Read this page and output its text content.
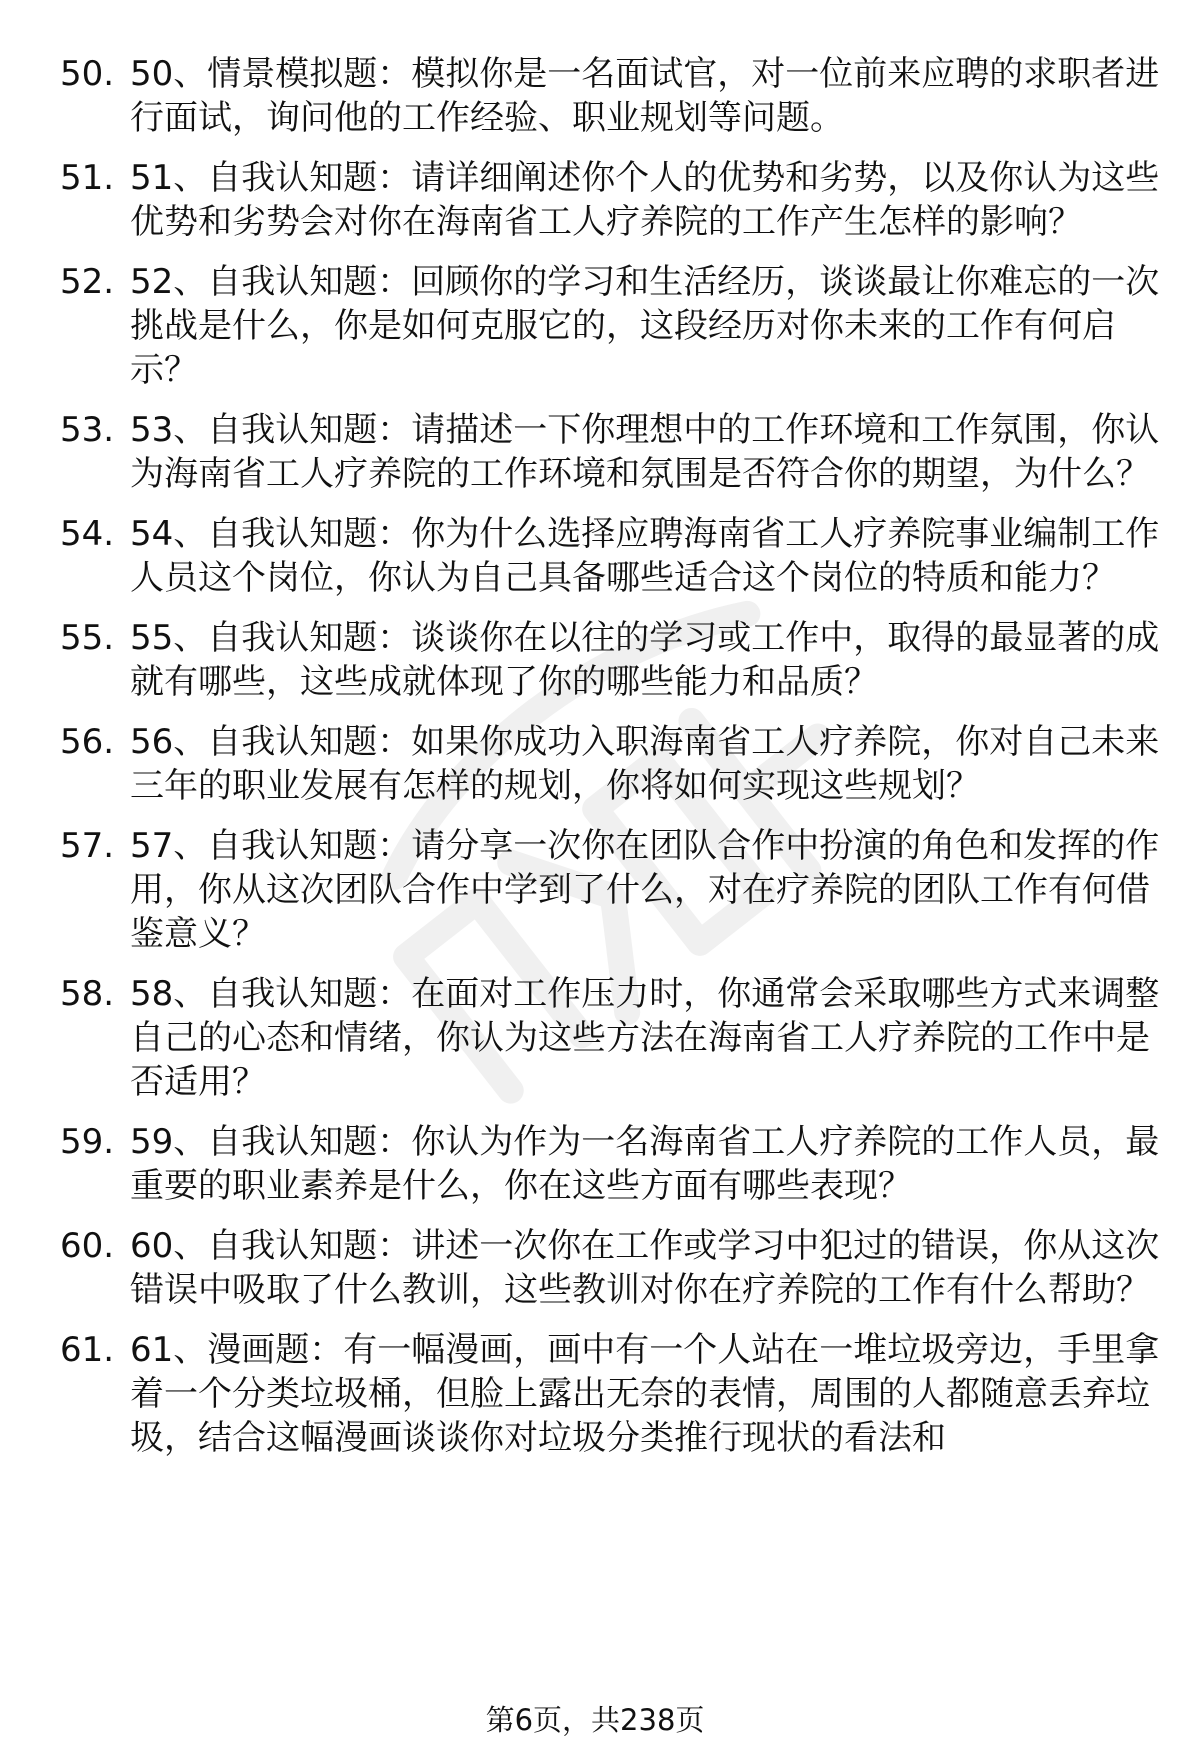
50. 50、情景模拟题：模拟你是一名面试官，对一位前来应聘的求职者进行面试，询问他的工作经验、职业规划等问题。
51. 51、自我认知题：请详细阐述你个人的优势和劣势，以及你认为这些优势和劣势会对你在海南省工人疗养院的工作产生怎样的影响？
52. 52、自我认知题：回顾你的学习和生活经历，谈谈最让你难忘的一次挑战是什么，你是如何克服它的，这段经历对你未来的工作有何启示？
53. 53、自我认知题：请描述一下你理想中的工作环境和工作氛围，你认为海南省工人疗养院的工作环境和氛围是否符合你的期望，为什么？
54. 54、自我认知题：你为什么选择应聘海南省工人疗养院事业编制工作人员这个岗位，你认为自己具备哪些适合这个岗位的特质和能力？
55. 55、自我认知题：谈谈你在以往的学习或工作中，取得的最显著的成就有哪些，这些成就体现了你的哪些能力和品质？
56. 56、自我认知题：如果你成功入职海南省工人疗养院，你对自己未来三年的职业发展有怎样的规划，你将如何实现这些规划？
57. 57、自我认知题：请分享一次你在团队合作中扮演的角色和发挥的作用，你从这次团队合作中学到了什么，对在疗养院的团队工作有何借鉴意义？
58. 58、自我认知题：在面对工作压力时，你通常会采取哪些方式来调整自己的心态和情绪，你认为这些方法在海南省工人疗养院的工作中是否适用？
59. 59、自我认知题：你认为作为一名海南省工人疗养院的工作人员，最重要的职业素养是什么，你在这些方面有哪些表现？
60. 60、自我认知题：讲述一次你在工作或学习中犯过的错误，你从这次错误中吸取了什么教训，这些教训对你在疗养院的工作有什么帮助？
61. 61、漫画题：有一幅漫画，画中有一个人站在一堆垃圾旁边，手里拿着一个分类垃圾桶，但脸上露出无奈的表情，周围的人都随意丢弃垃圾，结合这幅漫画谈谈你对垃圾分类推行现状的看法和
第6页，共238页
